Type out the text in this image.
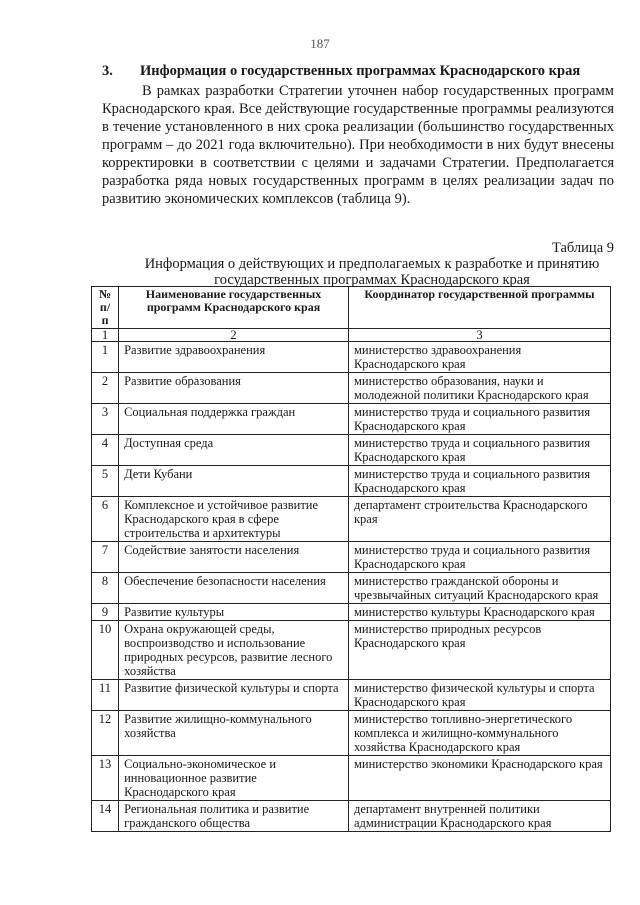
187
3. Информация о государственных программах Краснодарского края
В рамках разработки Стратегии уточнен набор государственных программ Краснодарского края. Все действующие государственные программы реализуются в течение установленного в них срока реализации (большинство государственных программ – до 2021 года включительно). При необходимости в них будут внесены корректировки в соответствии с целями и задачами Стратегии. Предполагается разработка ряда новых государственных программ в целях реализации задач по развитию экономических комплексов (таблица 9).
Таблица 9
Информация о действующих и предполагаемых к разработке и принятию государственных программах Краснодарского края
№ п/п	Наименование государственных программ Краснодарского края	Координатор государственной программы
1	2	3
1	Развитие здравоохранения	министерство здравоохранения Краснодарского края
2	Развитие образования	министерство образования, науки и молодежной политики Краснодарского края
3	Социальная поддержка граждан	министерство труда и социального развития Краснодарского края
4	Доступная среда	министерство труда и социального развития Краснодарского края
5	Дети Кубани	министерство труда и социального развития Краснодарского края
6	Комплексное и устойчивое развитие Краснодарского края в сфере строительства и архитектуры	департамент строительства Краснодарского края
7	Содействие занятости населения	министерство труда и социального развития Краснодарского края
8	Обеспечение безопасности населения	министерство гражданской обороны и чрезвычайных ситуаций Краснодарского края
9	Развитие культуры	министерство культуры Краснодарского края
10	Охрана окружающей среды, воспроизводство и использование природных ресурсов, развитие лесного хозяйства	министерство природных ресурсов Краснодарского края
11	Развитие физической культуры и спорта	министерство физической культуры и спорта Краснодарского края
12	Развитие жилищно-коммунального хозяйства	министерство топливно-энергетического комплекса и жилищно-коммунального хозяйства Краснодарского края
13	Социально-экономическое и инновационное развитие Краснодарского края	министерство экономики Краснодарского края
14	Региональная политика и развитие гражданского общества	департамент внутренней политики администрации Краснодарского края
